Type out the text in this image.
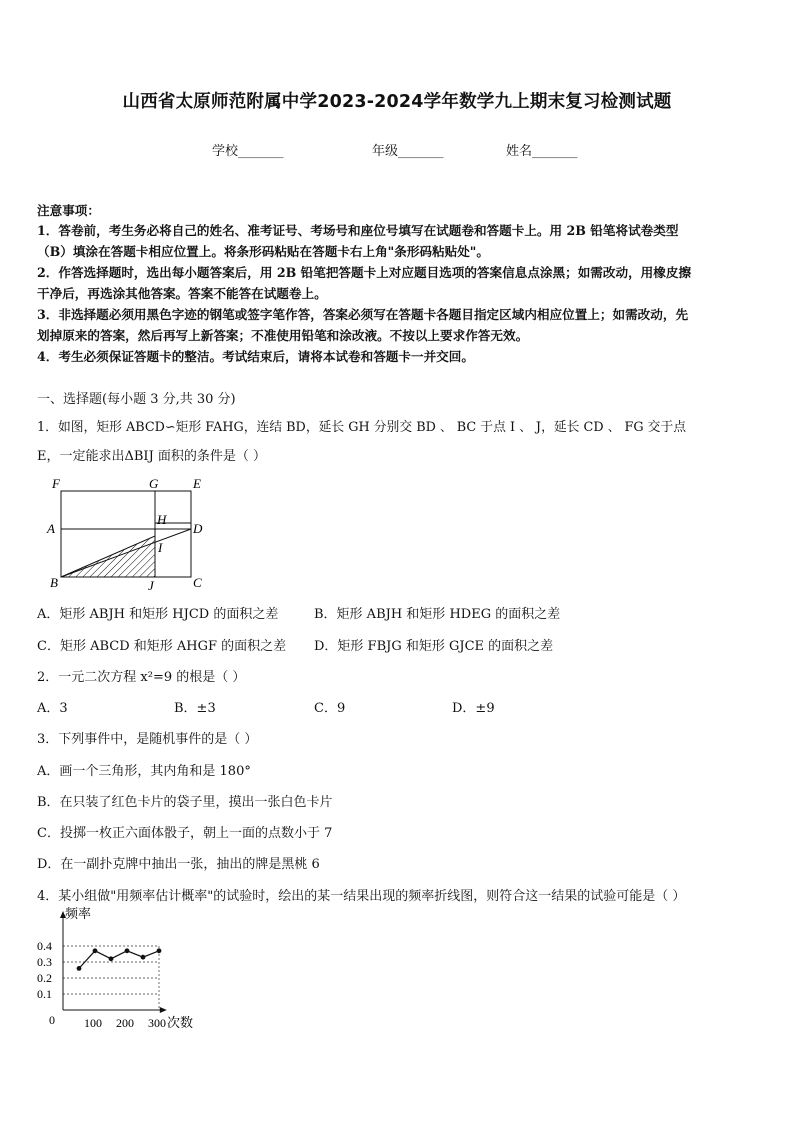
山西省太原师范附属中学2023-2024学年数学九上期末复习检测试题
学校_______	年级_______	姓名_______
注意事项：
1．答卷前，考生务必将自己的姓名、准考证号、考场号和座位号填写在试题卷和答题卡上。用 2B 铅笔将试卷类型
（B）填涂在答题卡相应位置上。将条形码粘贴在答题卡右上角"条形码粘贴处"。
2．作答选择题时，选出每小题答案后，用 2B 铅笔把答题卡上对应题目选项的答案信息点涂黑；如需改动，用橡皮擦
干净后，再选涂其他答案。答案不能答在试题卷上。
3．非选择题必须用黑色字迹的钢笔或签字笔作答，答案必须写在答题卡各题目指定区域内相应位置上；如需改动，先
划掉原来的答案，然后再写上新答案；不准使用铅笔和涂改液。不按以上要求作答无效。
4．考生必须保证答题卡的整洁。考试结束后，请将本试卷和答题卡一并交回。
一、选择题(每小题 3 分,共 30 分)
1．如图，矩形 ABCD∽矩形 FAHG，连结 BD，延长 GH 分别交 BD 、 BC 于点 I 、 J，延长 CD 、 FG 交于点
E，一定能求出ΔBIJ 面积的条件是（ ）
F	G	E
A
H
D
I
B	J	C
A．矩形 ABJH 和矩形 HJCD 的面积之差	B．矩形 ABJH 和矩形 HDEG 的面积之差
C．矩形 ABCD 和矩形 AHGF 的面积之差 D．矩形 FBJG 和矩形 GJCE 的面积之差
2．一元二次方程 x²=9 的根是（ ）
A．3	B．±3	C．9	D．±9
3．下列事件中，是随机事件的是（ ）
A．画一个三角形，其内角和是 180°
B．在只装了红色卡片的袋子里，摸出一张白色卡片
C．投掷一枚正六面体骰子，朝上一面的点数小于 7
D．在一副扑克牌中抽出一张，抽出的牌是黑桃 6
4．某小组做"用频率估计概率"的试验时，绘出的某一结果出现的频率折线图，则符合这一结果的试验可能是（ ）
频率
次数
0
0.1
0.2
0.3
0.4
100 200 300
